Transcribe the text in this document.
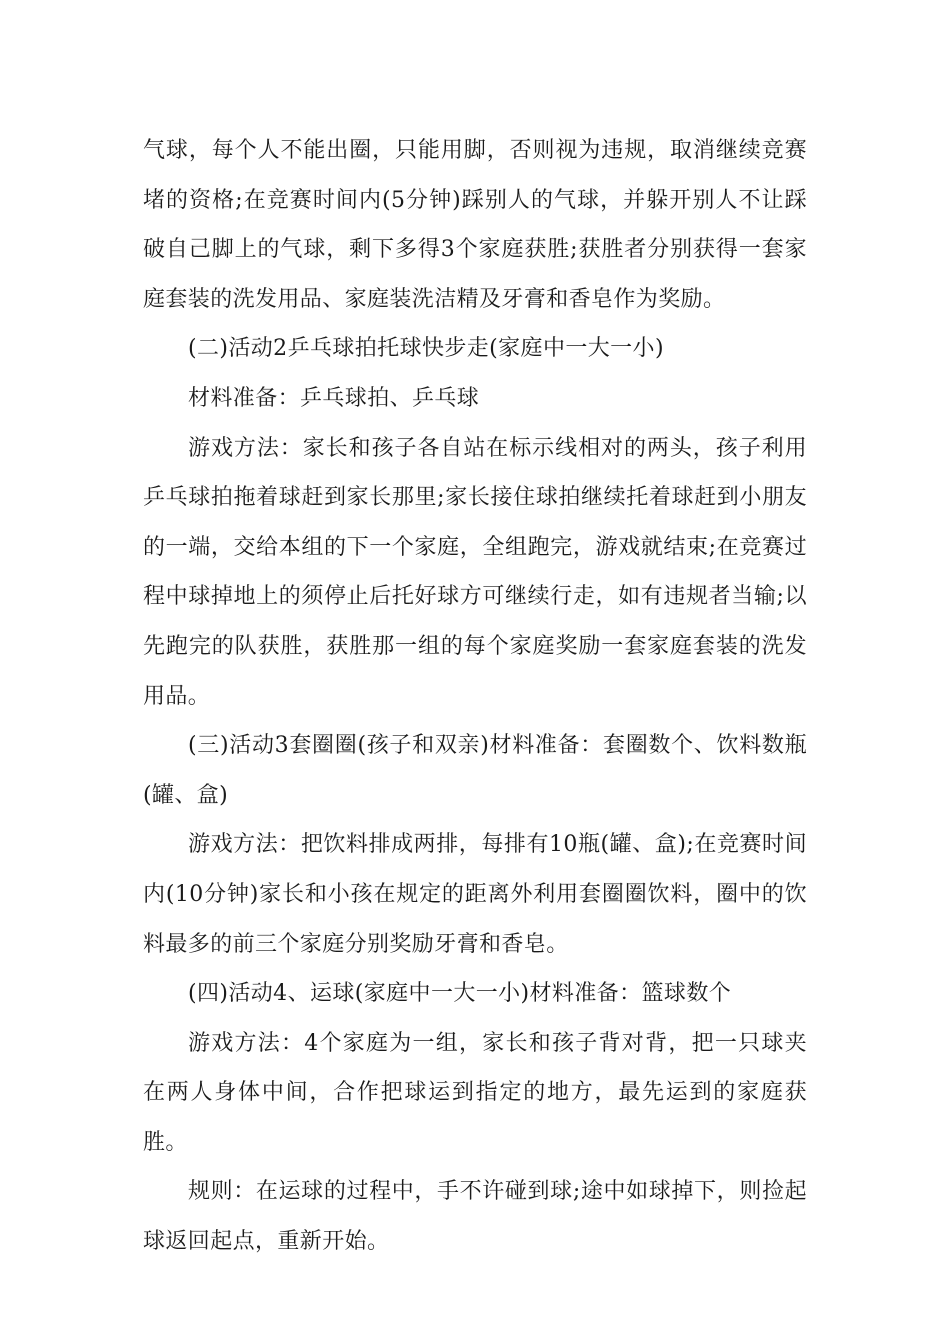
气球，每个人不能出圈，只能用脚，否则视为违规，取消继续竞赛堵的资格;在竞赛时间内(5分钟)踩别人的气球，并躲开别人不让踩破自己脚上的气球，剩下多得3个家庭获胜;获胜者分别获得一套家庭套装的洗发用品、家庭装洗洁精及牙膏和香皂作为奖励。

(二)活动2乒乓球拍托球快步走(家庭中一大一小)

材料准备：乒乓球拍、乒乓球

游戏方法：家长和孩子各自站在标示线相对的两头，孩子利用乒乓球拍拖着球赶到家长那里;家长接住球拍继续托着球赶到小朋友的一端，交给本组的下一个家庭，全组跑完，游戏就结束;在竞赛过程中球掉地上的须停止后托好球方可继续行走，如有违规者当输;以先跑完的队获胜，获胜那一组的每个家庭奖励一套家庭套装的洗发用品。

(三)活动3套圈圈(孩子和双亲)材料准备：套圈数个、饮料数瓶(罐、盒)

游戏方法：把饮料排成两排，每排有10瓶(罐、盒);在竞赛时间内(10分钟)家长和小孩在规定的距离外利用套圈圈饮料，圈中的饮料最多的前三个家庭分别奖励牙膏和香皂。

(四)活动4、运球(家庭中一大一小)材料准备：篮球数个

游戏方法：4个家庭为一组，家长和孩子背对背，把一只球夹在两人身体中间，合作把球运到指定的地方，最先运到的家庭获胜。

规则：在运球的过程中，手不许碰到球;途中如球掉下，则捡起球返回起点，重新开始。
